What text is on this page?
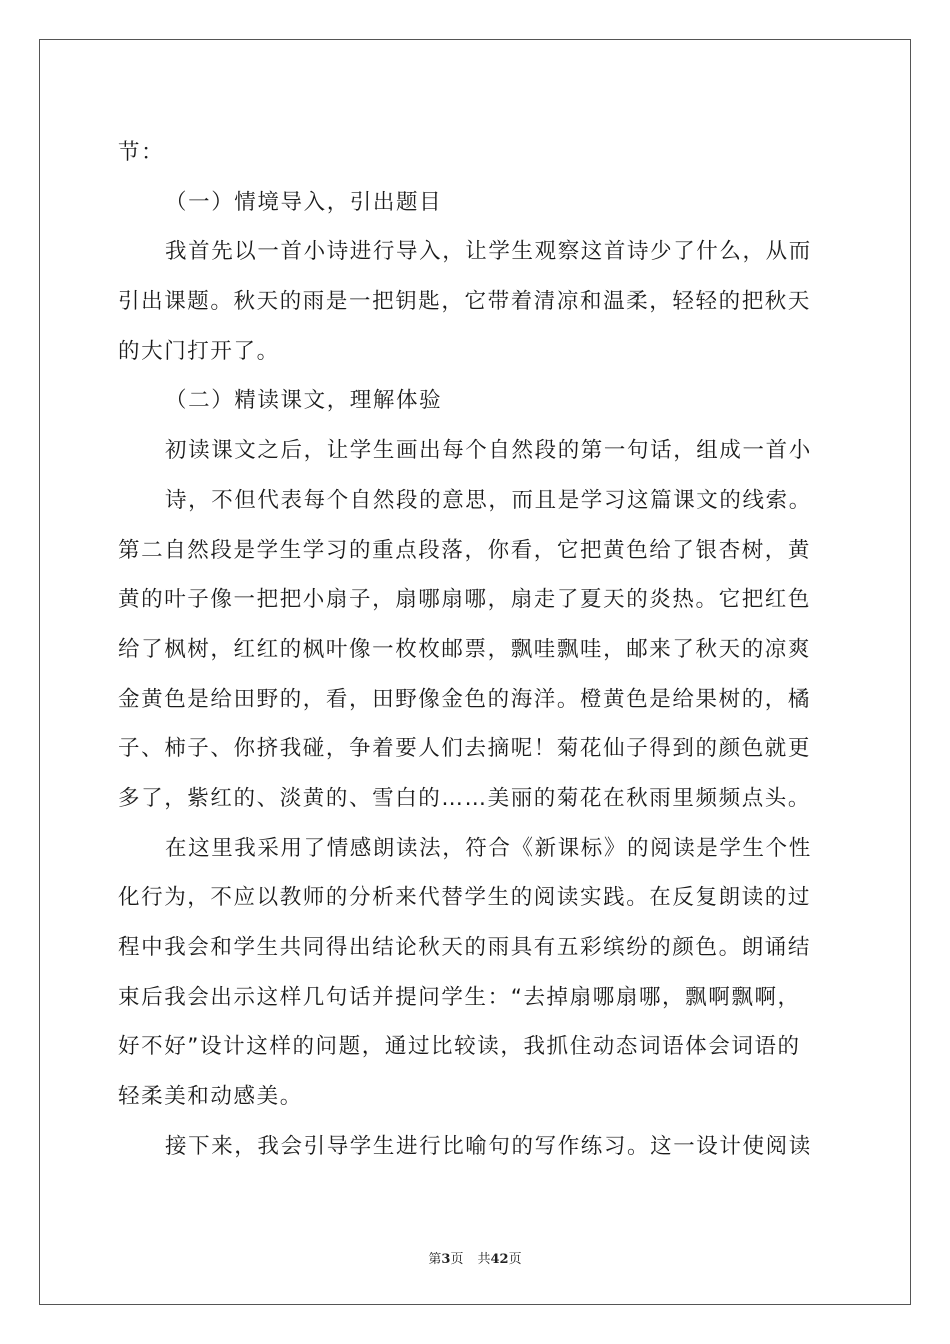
节：
（一）情境导入，引出题目
我首先以一首小诗进行导入，让学生观察这首诗少了什么，从而
引出课题。秋天的雨是一把钥匙，它带着清凉和温柔，轻轻的把秋天
的大门打开了。
（二）精读课文，理解体验
初读课文之后，让学生画出每个自然段的第一句话，组成一首小
诗，不但代表每个自然段的意思，而且是学习这篇课文的线索。
第二自然段是学生学习的重点段落，你看，它把黄色给了银杏树，黄
黄的叶子像一把把小扇子，扇哪扇哪，扇走了夏天的炎热。它把红色
给了枫树，红红的枫叶像一枚枚邮票，飘哇飘哇，邮来了秋天的凉爽
金黄色是给田野的，看，田野像金色的海洋。橙黄色是给果树的，橘
子、柿子、你挤我碰，争着要人们去摘呢！菊花仙子得到的颜色就更
多了，紫红的、淡黄的、雪白的……美丽的菊花在秋雨里频频点头。
在这里我采用了情感朗读法，符合《新课标》的阅读是学生个性
化行为，不应以教师的分析来代替学生的阅读实践。在反复朗读的过
程中我会和学生共同得出结论秋天的雨具有五彩缤纷的颜色。朗诵结
束后我会出示这样几句话并提问学生：“去掉扇哪扇哪，飘啊飘啊，
好不好”设计这样的问题，通过比较读，我抓住动态词语体会词语的
轻柔美和动感美。
接下来，我会引导学生进行比喻句的写作练习。这一设计使阅读
第3页 共42页
